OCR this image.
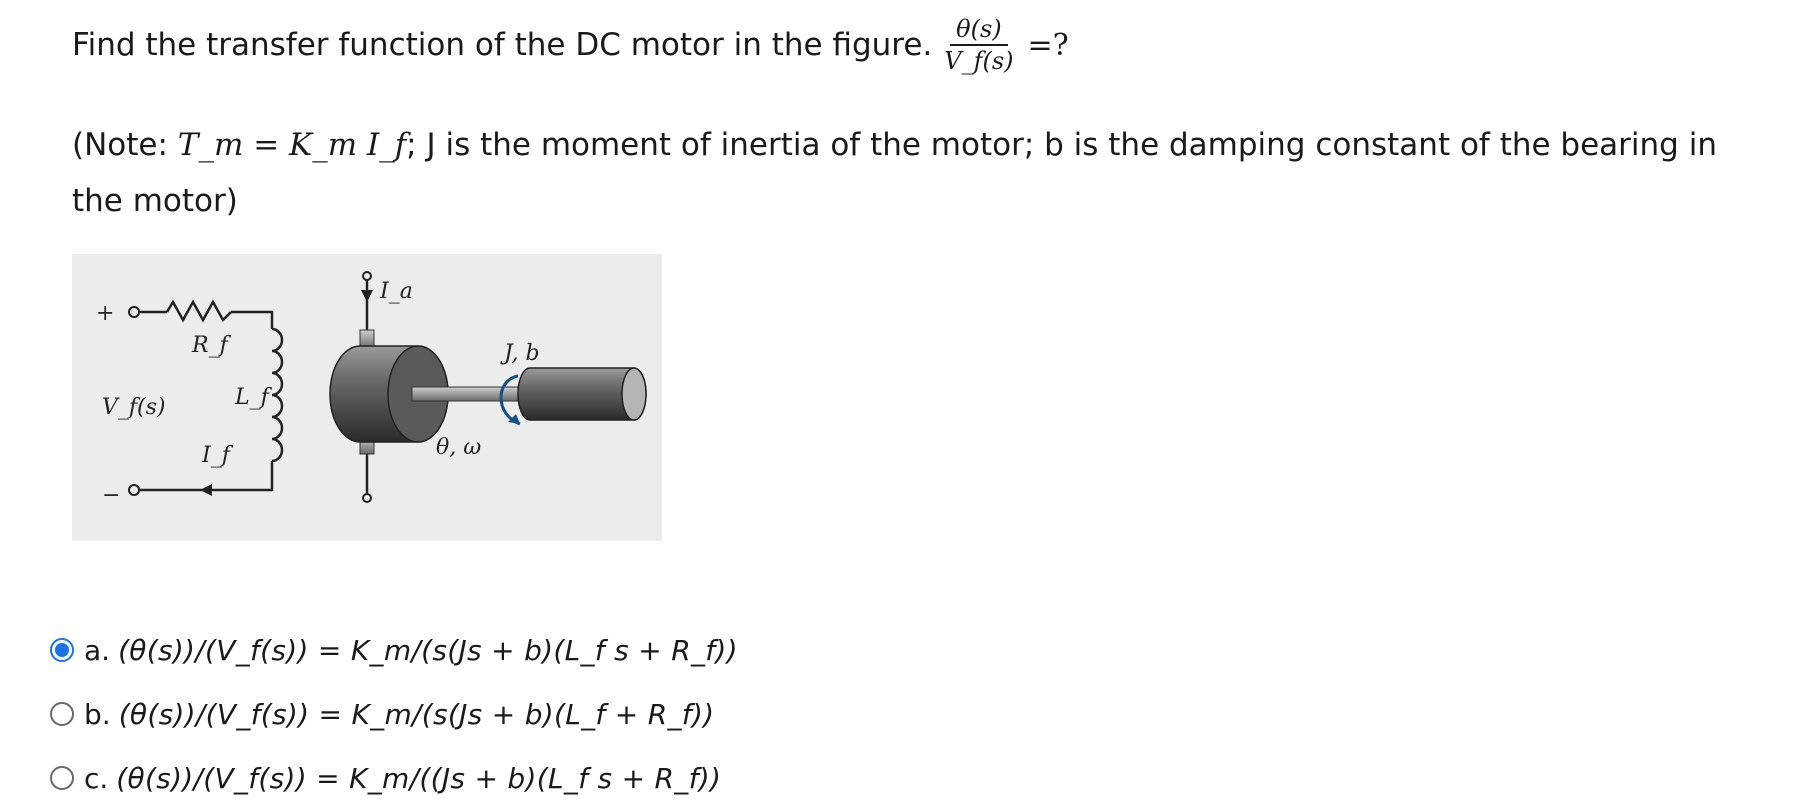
Find the transfer function of the DC motor in the figure. $\frac{\theta(s)}{V\_f(s)}$ =?
(Note: T_m = K_m I_f; J is the moment of inertia of the motor; b is the damping constant of the bearing in the motor)
+
−
R_f
L_f
I_f
V_f(s)
I_a
J, b
θ, ω
a. (θ(s))/(V_f(s)) = K_m/(s(Js + b)(L_f s + R_f))
b. (θ(s))/(V_f(s)) = K_m/(s(Js + b)(L_f + R_f))
c. (θ(s))/(V_f(s)) = K_m/((Js + b)(L_f s + R_f))
